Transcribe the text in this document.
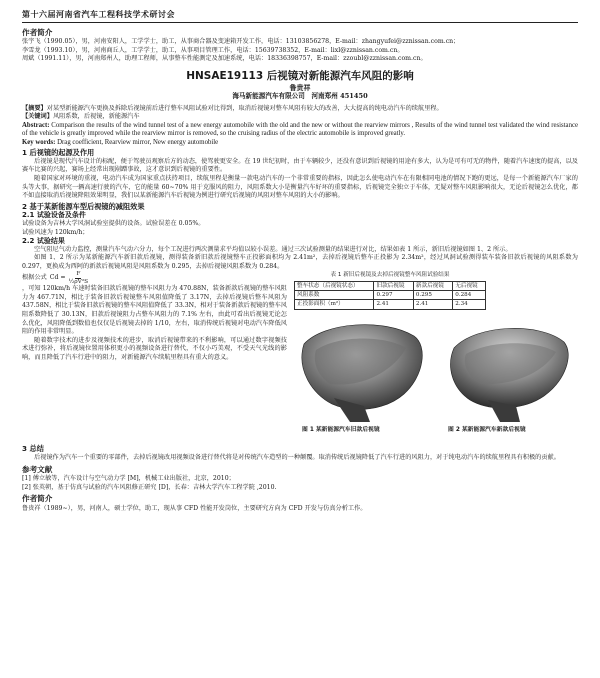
第十六届河南省汽车工程科技学术研讨会
作者简介
张宇飞（1990.05），男，河南安阳人，工学学士，助工，从事商合器及变速箱开发工作，电话：13103856278，E-mail：zhangyufei@zznissan.com.cn；
李雪龙（1993.10），男，河南商丘人，工学学士，助工，从事项目管理工作，电话：15639738352，E-mail：lixl@zznissan.com.cn。
周斌（1991.11），男，河南郑州人，助理工程师，从事整车性能测定及加速系统，电话：18336398757，E-mail：zzoubl@zznissan.com.cn。
HNSAE19113 后视镜对新能源汽车风阻的影响
鲁贵祥
海马新能源汽车有限公司　河南郑州 451450
【摘要】对某型新能源汽车更换及拆除后视镜前后进行整车风阻试验对比得到，取消后视镜对整车风阻有较大的改善，大大提高的纯电动汽车的续航里程。
【关键词】风阻系数，后视镜，新能源汽车
Abstract: Comparison the results of the wind tunnel test of a new energy automobile with the old and the new or without the rearview mirrors , Results of the wind tunnel test validated the wind resistance of the vehicle is greatly improved while the rearview mirror is removed, so the cruising radius of the electric automobile is improved greatly.
Key words: Drag coefficient, Rearview mirror, New energy automobile
1 后视镜的起源及作用
后视镜是现代汽车设计的标配，便于驾驶员观察后方的动态，使驾驶更安全。在 19 世纪初时，由于车辆较少，还没有意识到后视镜的用途有多大，认为是可有可无的物件，随着汽车速度的提高，以及赛车比赛的兴起，赛场上经常出现剐蹭事故，这才意识到后视镜的重要性。
随着国家对环境的重视，电动汽车成为国家重点扶持项目，续航里程是衡量一款电动汽车的一个非常重要的指标，因此怎么使电动汽车在有限相同电池的情况下跑的更远，是每一个新能源汽车厂家的头等大事，据研究一辆高速行驶的汽车，它的能量 60~70% 用于克服风的阻力，风阻系数大小是衡量汽车好坏的重要指标，后视镜完全独立于车体，无疑对整车风阻影响很大，无论后视镜怎么优化，都不如直接取消后视镜降阻效果明显，我们以某新能源汽车后视镜为例进行研究后视镜的风阻对整车风阻的大小的影响。
2 基于某新能源车型后视镜的减阻效果
2.1 试验设备及条件
试验设备为吉林大学风洞试验室提供的设备。试验误差在 0.05%。
试验风速为 120km/h；
2.2 试验结果
空气阻尼气动力监控，测量汽车气动六分力，每个工况进行两次测量求平均值以较小误差。通过三次试验测量的结果进行对比，结果如表 1 所示，新旧后视镜如图 1、2 所示。
如图 1、2 所示为某新能源汽车新旧款后视镜，测得装备新旧款后视镜整车正投影面积均为 2.41m²，去掉后视镜后整车正投影为 2.34m²，经过风洞试验测得装车装备旧款后视镜的风阻系数为 0.297，更换成为西阿的新款后视镜风阻是风阻系数为 0.295，去掉后视镜风阻系数为 0.284。
根据公式 $Cd = \frac{F}{\text{½ρV²S}}$
，可知 120km/h 车速时装备旧款后视镜的整车风阻力为 470.88N，装备新款后视镜的整车风阻力为 467.71N，相比于装备旧款后视镜整车风阻值降低了 3.17N，去掉后视镜后整车风阻为 437.58N，相比于装备旧款后视镜的整车风阻值降低了 33.3N，相对于装备新款后视镜的整车风阻系数降低了 30.13N，旧款后视镜阻力占整车风阻力的 7.1% 左右，由此可看出后视镜无论怎么优化，风阻降低到数值也仅仅是后视镜去掉的 1/10，左右，取消传统后视镜对电动汽车降低风阻的作用非常明显。
随着数字技术的进步及视频技术的进步，取消后视镜带来的不利影响，可以通过数字视频技术进行弥补，将后视镜位置用体积更小的视频设备进行替代，不仅小巧美观，不受天气光线的影响，而且降低了汽车行进中的阻力，对新能源汽车续航里程具有重大的意义。
表 1 新旧后视镜及去掉后视镜整车风阻试验结果
整车状态（后视镜状态）	旧款后视镜	新款后视镜	无后视镜
风阻系数	0.297	0.295	0.284
正投影面积（m²）	2.41	2.41	2.34
图 1 某新能源汽车旧款后视镜	图 2 某新能源汽车新款后视镜
3 总结
后视镜作为汽车一个重要的零部件，去掉后视镜改用视频设备进行替代将是对传统汽车造型的一种颠覆。取消传统后视镜降低了汽车行进的风阻力，对于纯电动汽车的续航里程具有积极的贡献。
参考文献
[1] 傅立敏等，汽车设计与空气动力学 [M]，机械工业出版社，北京，2010；
[2] 张英朝，基于仿真与试验的汽车风阻修正研究 [D]，长春：吉林大学汽车工程学院 ,2010.
作者简介
鲁贵祥（1989~），男，河南人，硕士学位，助工，现从事 CFD 性能开发岗位，主要研究方向为 CFD 开发与仿真分析工作。
